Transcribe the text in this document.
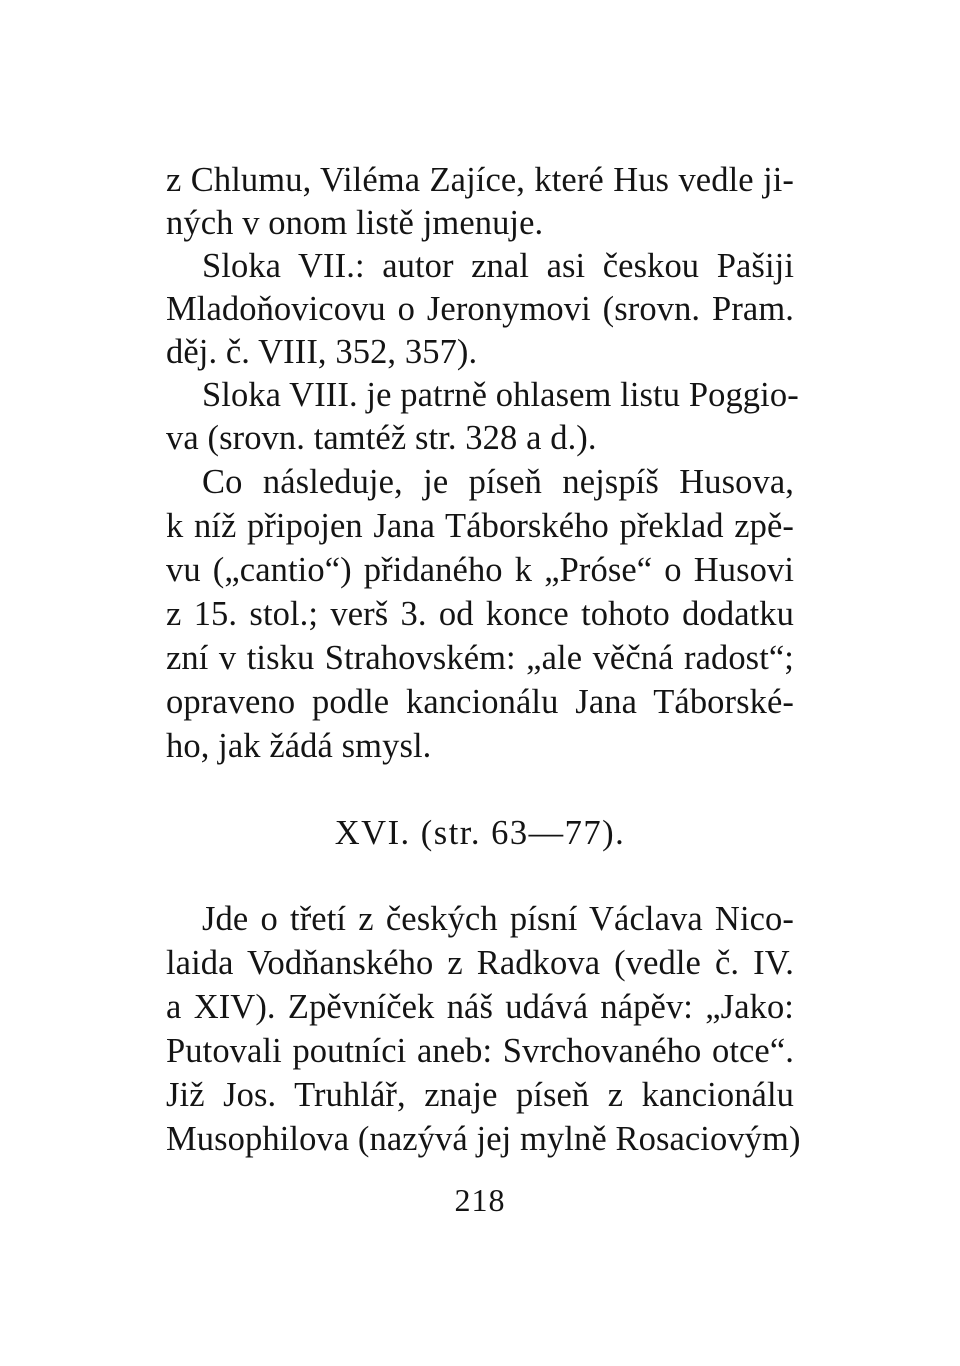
z Chlumu, Viléma Zajíce, které Hus vedle ji-
ných v onom listě jmenuje.
Sloka VII.: autor znal asi českou Pašiji
Mladoňovicovu o Jeronymovi (srovn. Pram.
děj. č. VIII, 352, 357).
Sloka VIII. je patrně ohlasem listu Poggio-
va (srovn. tamtéž str. 328 a d.).
Co následuje, je píseň nejspíš Husova,
k níž připojen Jana Táborského překlad zpě-
vu („cantio“) přidaného k „Próse“ o Husovi
z 15. stol.; verš 3. od konce tohoto dodatku
zní v tisku Strahovském: „ale věčná radost“;
opraveno podle kancionálu Jana Táborské-
ho, jak žádá smysl.
XVI. (str. 63—77).
Jde o třetí z českých písní Václava Nico-
laida Vodňanského z Radkova (vedle č. IV.
a XIV). Zpěvníček náš udává nápěv: „Jako:
Putovali poutníci aneb: Svrchovaného otce“.
Již Jos. Truhlář, znaje píseň z kancionálu
Musophilova (nazývá jej mylně Rosaciovým)
218
